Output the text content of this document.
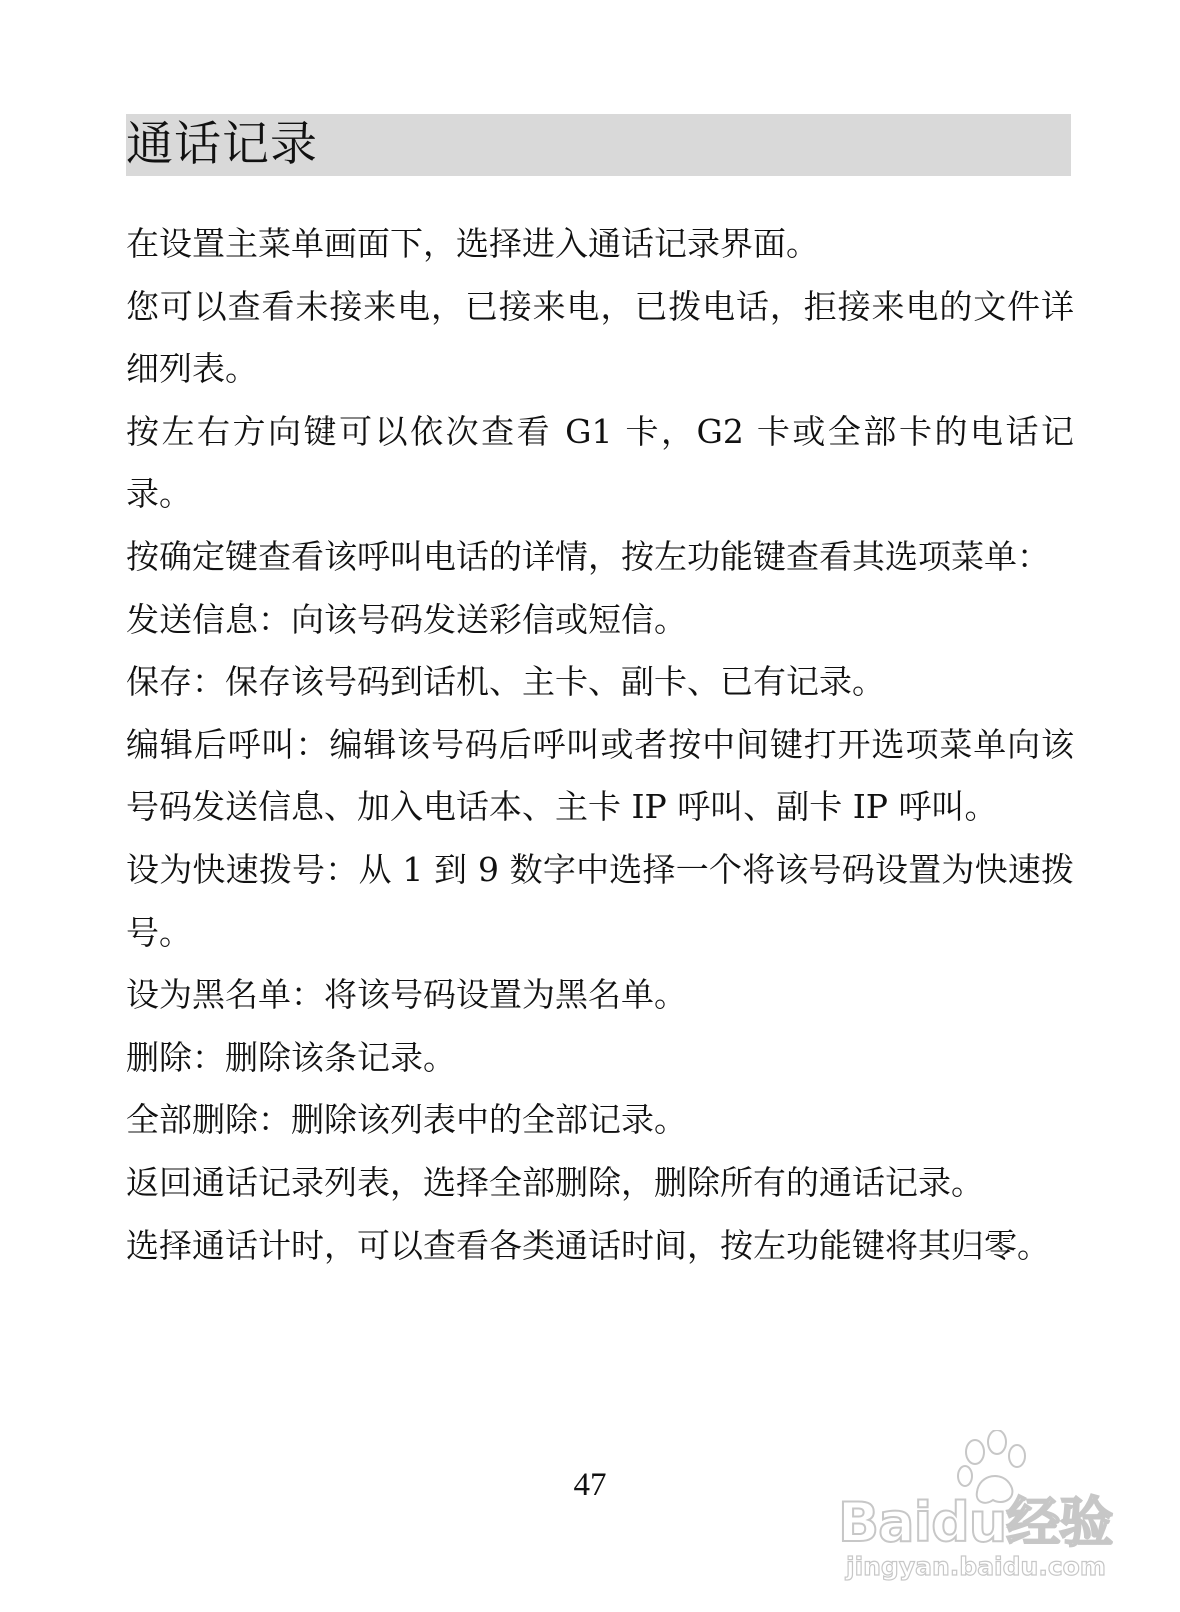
通话记录

在设置主菜单画面下，选择进入通话记录界面。

您可以查看未接来电，已接来电，已拨电话，拒接来电的文件详细列表。

按左右方向键可以依次查看 G1 卡，G2 卡或全部卡的电话记录。

按确定键查看该呼叫电话的详情，按左功能键查看其选项菜单：

发送信息：向该号码发送彩信或短信。

保存：保存该号码到话机、主卡、副卡、已有记录。

编辑后呼叫：编辑该号码后呼叫或者按中间键打开选项菜单向该号码发送信息、加入电话本、主卡 IP 呼叫、副卡 IP 呼叫。

设为快速拨号：从 1 到 9 数字中选择一个将该号码设置为快速拨号。

设为黑名单：将该号码设置为黑名单。

删除：删除该条记录。

全部删除：删除该列表中的全部记录。

返回通话记录列表，选择全部删除，删除所有的通话记录。

选择通话计时，可以查看各类通话时间，按左功能键将其归零。

47
Baidu经验
jingyan.baidu.com
